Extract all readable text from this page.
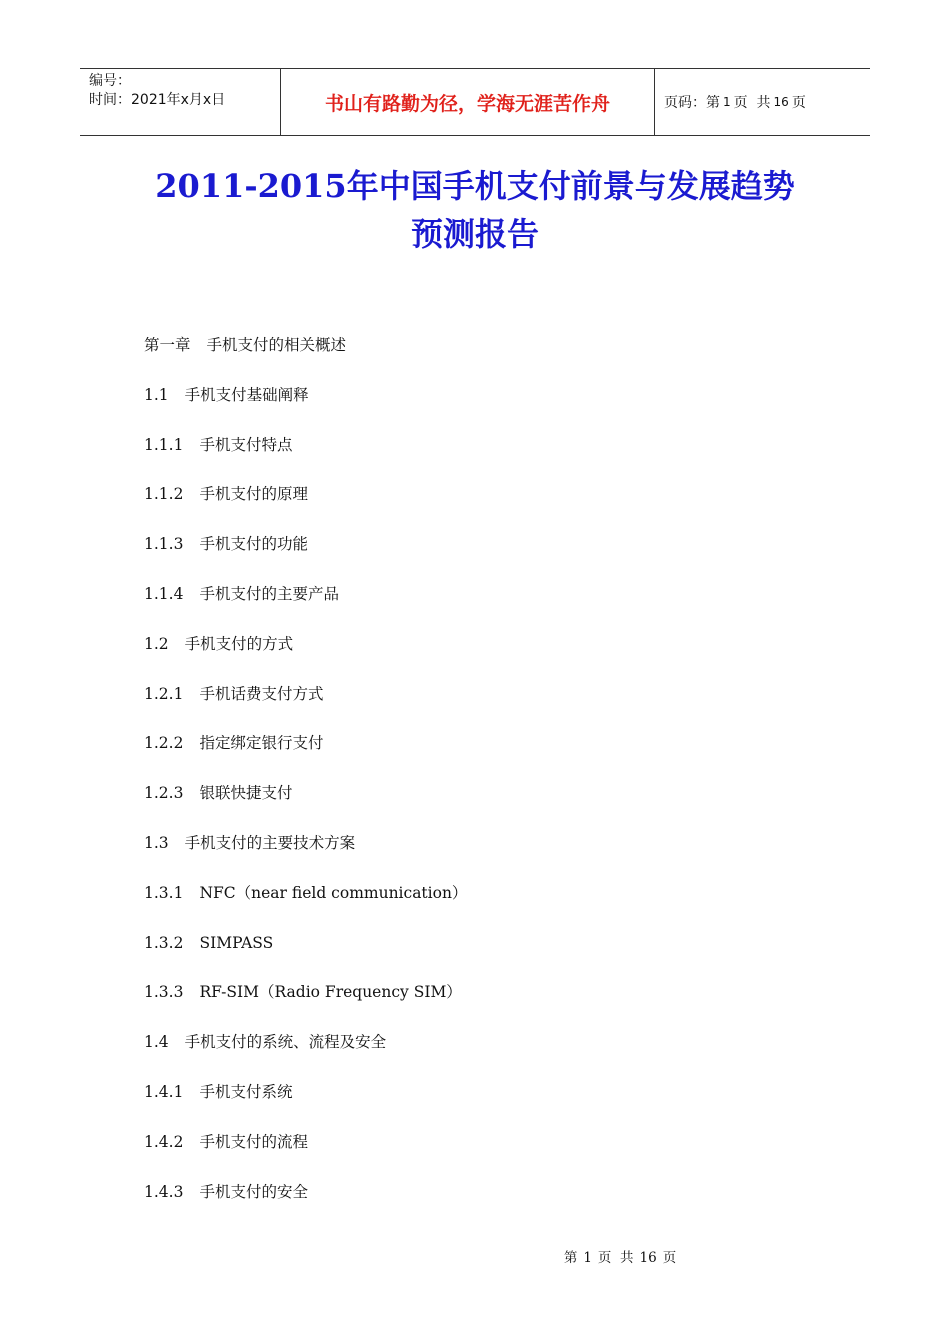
编号：
时间：2021年x月x日	书山有路勤为径，学海无涯苦作舟	页码：第 1 页  共 16 页
2011-2015年中国手机支付前景与发展趋势
预测报告
第一章 手机支付的相关概述
1.1 手机支付基础阐释
1.1.1 手机支付特点
1.1.2 手机支付的原理
1.1.3 手机支付的功能
1.1.4 手机支付的主要产品
1.2 手机支付的方式
1.2.1 手机话费支付方式
1.2.2 指定绑定银行支付
1.2.3 银联快捷支付
1.3 手机支付的主要技术方案
1.3.1 NFC（near field communication）
1.3.2 SIMPASS
1.3.3 RF-SIM（Radio Frequency SIM）
1.4 手机支付的系统、流程及安全
1.4.1 手机支付系统
1.4.2 手机支付的流程
1.4.3 手机支付的安全
第 1 页  共 16 页
